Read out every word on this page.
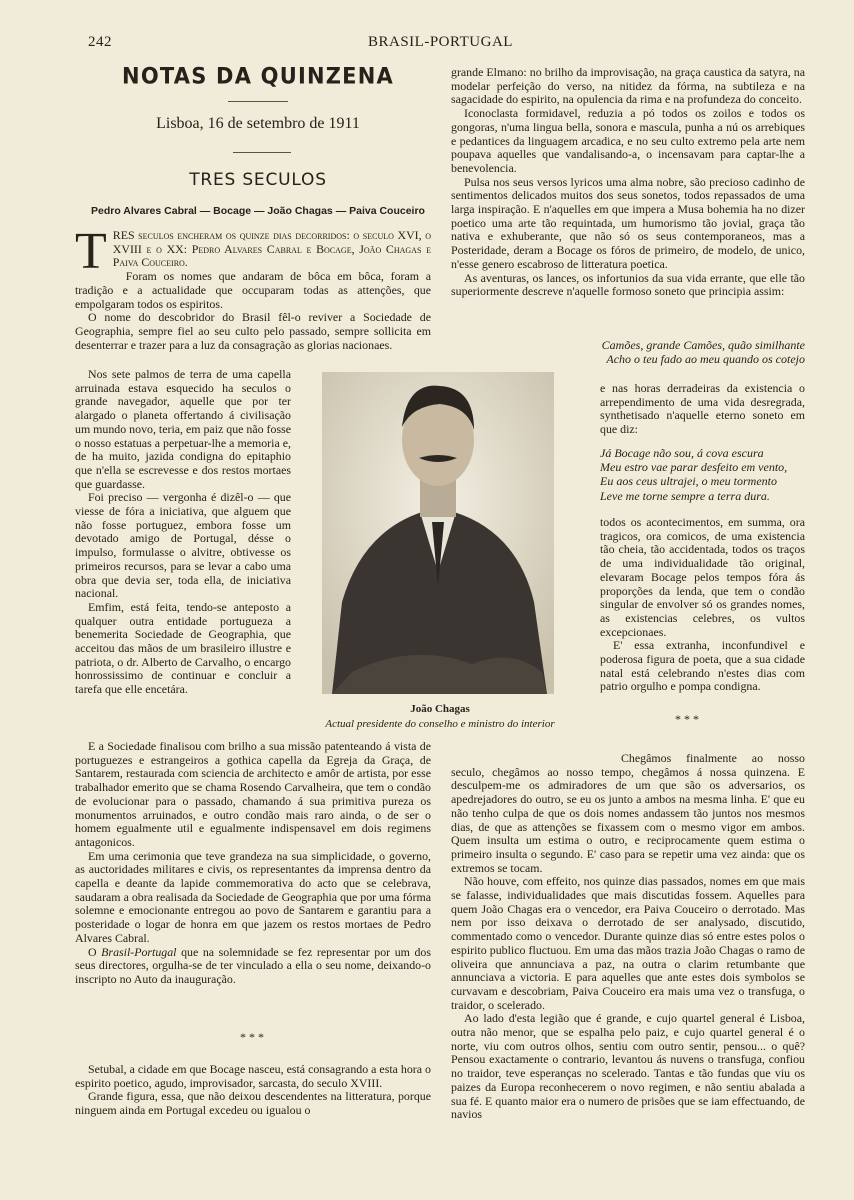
242	BRASIL-PORTUGAL
NOTAS DA QUINZENA
Lisboa, 16 de setembro de 1911
TRES SECULOS
Pedro Alvares Cabral — Bocage — João Chagas — Paiva Couceiro

TRES seculos encheram os quinze dias decorridos: o seculo XVI, o XVIII e o XX: Pedro Alvares Cabral e Bocage, João Chagas e Paiva Couceiro.

Foram os nomes que andaram de bôca em bôca, foram a tradição e a actualidade que occuparam todas as attenções, que empolgaram todos os espiritos.

O nome do descobridor do Brasil fêl-o reviver a Sociedade de Geographia, sempre fiel ao seu culto pelo passado, sempre sollicita em desenterrar e trazer para a luz da consagração as glorias nacionaes.

Nos sete palmos de terra de uma capella arruinada estava esquecido ha seculos o grande navegador, aquelle que por ter alargado o planeta offertando á civilisação um mundo novo, teria, em paiz que não fosse o nosso estatuas a perpetuar-lhe a memoria e, de ha muito, jazida condigna do epitaphio que n'ella se escrevesse e dos restos mortaes que guardasse.

Foi preciso — vergonha é dizêl-o — que viesse de fóra a iniciativa, que alguem que não fosse portuguez, embora fosse um devotado amigo de Portugal, désse o impulso, formulasse o alvitre, obtivesse os primeiros recursos, para se levar a cabo uma obra que devia ser, toda ella, de iniciativa nacional.

Emfim, está feita, tendo-se antepostо a qualquer outra entidade portugueza a benemerita Sociedade de Geographia, que acceitou das mãos de um brasileiro illustre e patriota, o dr. Alberto de Carvalho, o encargo honrossissimo de continuar e concluir a tarefa que elle encetára.

E a Sociedade finalisou com brilho a sua missão patenteando á vista de portuguezes e estrangeiros a gothica capella da Egreja da Graça, de Santarem, restaurada com sciencia de architecto e amôr de artista, por esse trabalhador emerito que se chama Rosendo Carvalheira, que tem o condão de evolucionar para o passado, chamando á sua primitiva pureza os monumentos arruinados, e outro condão mais raro ainda, o de ser o homem egualmente util e egualmente indispensavel em dois regimens antagonicos.

Em uma cerimonia que teve grandeza na sua simplicidade, o governo, as auctoridades militares e civis, os representantes da imprensa dentro da capella e deante da lapide commemorativa do acto que se celebrava, saudaram a obra realisada da Sociedade de Geographia que por uma fórma solemne e emocionante entregou ao povo de Santarem e garantiu para a posteridade o logar de honra em que jazem os restos mortaes de Pedro Alvares Cabral.

O Brasil-Portugal que na solemnidade se fez representar por um dos seus directores, orgulha-se de ter vinculado a ella o seu nome, deixando-o inscripto no Auto da inauguração.

* * *

Setubal, a cidade em que Bocage nasceu, está consagrando a esta hora o espirito poetico, agudo, improvisador, sarcasta, do seculo XVIII.

Grande figura, essa, que não deixou descendentes na litteratura, porque ninguem ainda em Portugal excedeu ou igualou o

João Chagas
Actual presidente do conselho e ministro do interior

grande Elmano: no brilho da improvisação, na graça caustica da satyra, na modelar perfeição do verso, na nitidez da fórma, na subtileza e na sagacidade do espirito, na opulencia da rima e na profundeza do conceito.

Iconoclasta formidavel, reduzia a pó todos os zoilos e todos os gongoras, n'uma lingua bella, sonora e mascula, punha a nú os arrebiques e pedantices da linguagem arcadica, e no seu culto extremo pela arte nem poupava aquelles que vandalisando-a, o incensavam para captar-lhe a benevolencia.

Pulsa nos seus versos lyricos uma alma nobre, são precioso cadinho de sentimentos delicados muitos dos seus sonetos, todos repassados de uma larga inspiração. E n'aquelles em que impera a Musa bohemia ha no dizer poetico uma arte tão requintada, um humorismo tão jovial, graça tão nativa e exhuberante, que não só os seus contemporaneos, mas a Posteridade, deram a Bocage os fóros de primeiro, de modelo, de unico, n'esse genero escabroso de litteratura poetica.

As aventuras, os lances, os infortunios da sua vida errante, que elle tão superiormente descreve n'aquelle formoso soneto que principia assim:

Camões, grande Camões, quão similhante
Acho o teu fado ao meu quando os cotejo

e nas horas derradeiras da existencia o arrependimento de uma vida desregrada, synthetisado n'aquelle eterno soneto em que diz:

Já Bocage não sou, á cova escura
Meu estro vae parar desfeito em vento,
Eu aos ceus ultrajei, o meu tormento
Leve me torne sempre a terra dura.

todos os acontecimentos, em summa, ora tragicos, ora comicos, de uma existencia tão cheia, tão accidentada, todos os traços de uma individualidade tão original, elevaram Bocage pelos tempos fóra ás proporções da lenda, que tem o condão singular de envolver só os grandes nomes, as existencias celebres, os vultos excepcionaes.

E' essa extranha, inconfundivel e poderosa figura de poeta, que a sua cidade natal está celebrando n'estes dias com patrio orgulho e pompa condigna.

* * *

Chegâmos finalmente ao nosso seculo, chegâmos ao nosso tempo, chegâmos á nossa quinzena. E desculpem-me os admiradores de um que são os adversarios, os apedrejadores do outro, se eu os junto a ambos na mesma linha. E' que eu não tenho culpa de que os dois nomes andassem tão juntos nos mesmos dias, de que as attenções se fixassem com o mesmo vigor em ambos. Quem insulta um estima o outro, e reciprocamente quem estima o primeiro insulta o segundo. E' caso para se repetir uma vez ainda: que os extremos se tocam.

Não houve, com effeito, nos quinze dias passados, nomes em que mais se falasse, individualidades que mais discutidas fossem. Aquelles para quem João Chagas era o vencedor, era Paiva Couceiro o derrotado. Mas nem por isso deixava o derrotado de ser analysado, discutido, commentado como o vencedor. Durante quinze dias só entre estes polos o espirito publico fluctuou. Em uma das mãos trazia João Chagas o ramo de oliveira que annunciava a paz, na outra o clarim retumbante que annunciava a victoria. E para aquelles que ante estes dois symbolos se curvavam e descobriam, Paiva Couceiro era mais uma vez o transfuga, o traidor, o scelerado.

Ao lado d'esta legião que é grande, e cujo quartel general é Lisboa, outra não menor, que se espalha pelo paiz, e cujo quartel general é o norte, viu com outros olhos, sentiu com outro sentir, pensou... o quê? Pensou exactamente o contrario, levantou ás nuvens o transfuga, confiou no traidor, teve esperanças no scelerado. Tantas e tão fundas que viu os paizes da Europa reconhecerem o novo regimen, e não sentiu abalada a sua fé. E quanto maior era o numero de prisões que se iam effectuando, de navios
